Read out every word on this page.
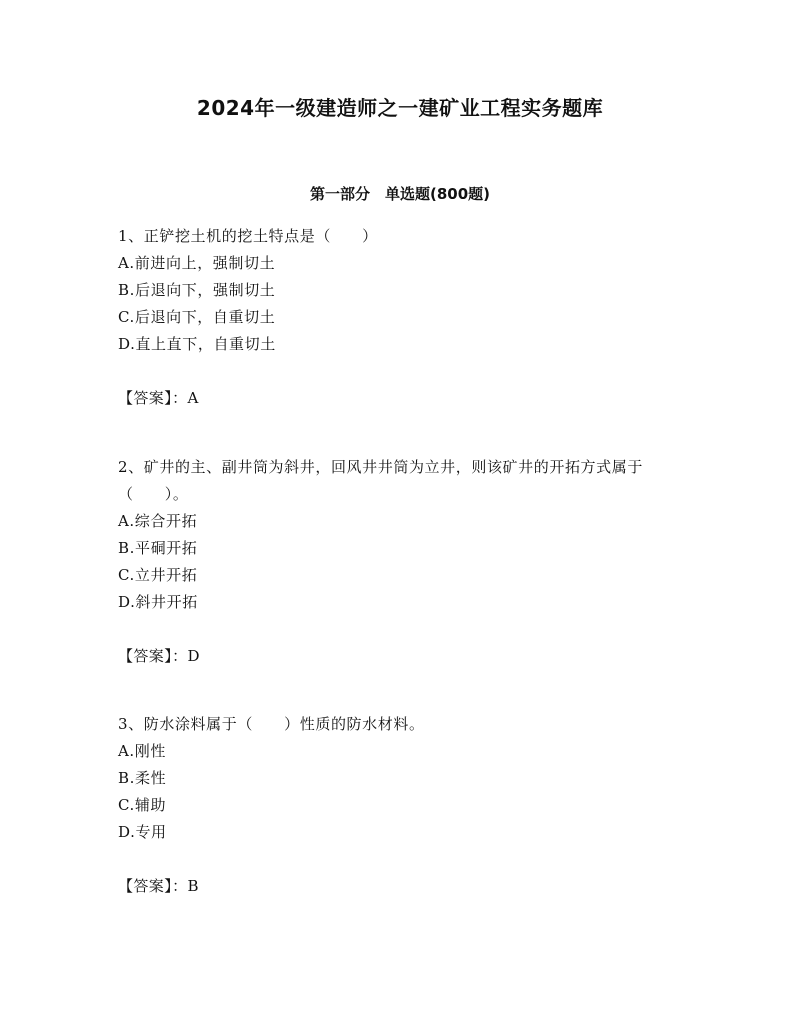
2024年一级建造师之一建矿业工程实务题库
第一部分　单选题(800题)
1、正铲挖土机的挖土特点是（　　）
A.前进向上，强制切土
B.后退向下，强制切土
C.后退向下，自重切土
D.直上直下，自重切土
【答案】：A
2、矿井的主、副井筒为斜井，回风井井筒为立井，则该矿井的开拓方式属于（　　）。
A.综合开拓
B.平硐开拓
C.立井开拓
D.斜井开拓
【答案】：D
3、防水涂料属于（　　）性质的防水材料。
A.刚性
B.柔性
C.辅助
D.专用
【答案】：B
